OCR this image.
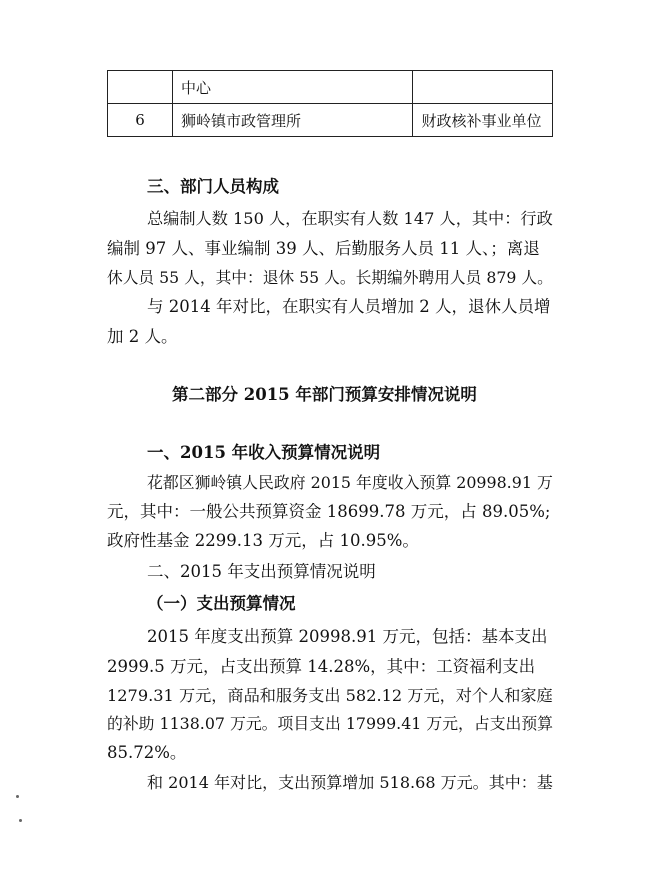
	中心	
6	狮岭镇市政管理所	财政核补事业单位
三、部门人员构成
总编制人数 150 人，在职实有人数 147 人，其中：行政
编制 97 人、事业编制 39 人、后勤服务人员 11 人、；离退
休人员 55 人，其中：退休 55 人。长期编外聘用人员 879 人。
与 2014 年对比，在职实有人员增加 2 人，退休人员增
加 2 人。
第二部分 2015 年部门预算安排情况说明
一、2015 年收入预算情况说明
花都区狮岭镇人民政府 2015 年度收入预算 20998.91 万
元，其中：一般公共预算资金 18699.78 万元，占 89.05%;
政府性基金 2299.13 万元，占 10.95%。
二、2015 年支出预算情况说明
（一）支出预算情况
2015 年度支出预算 20998.91 万元，包括：基本支出
2999.5 万元，占支出预算 14.28%，其中：工资福利支出
1279.31 万元，商品和服务支出 582.12 万元，对个人和家庭
的补助 1138.07 万元。项目支出 17999.41 万元，占支出预算
85.72%。
和 2014 年对比，支出预算增加 518.68 万元。其中：基
